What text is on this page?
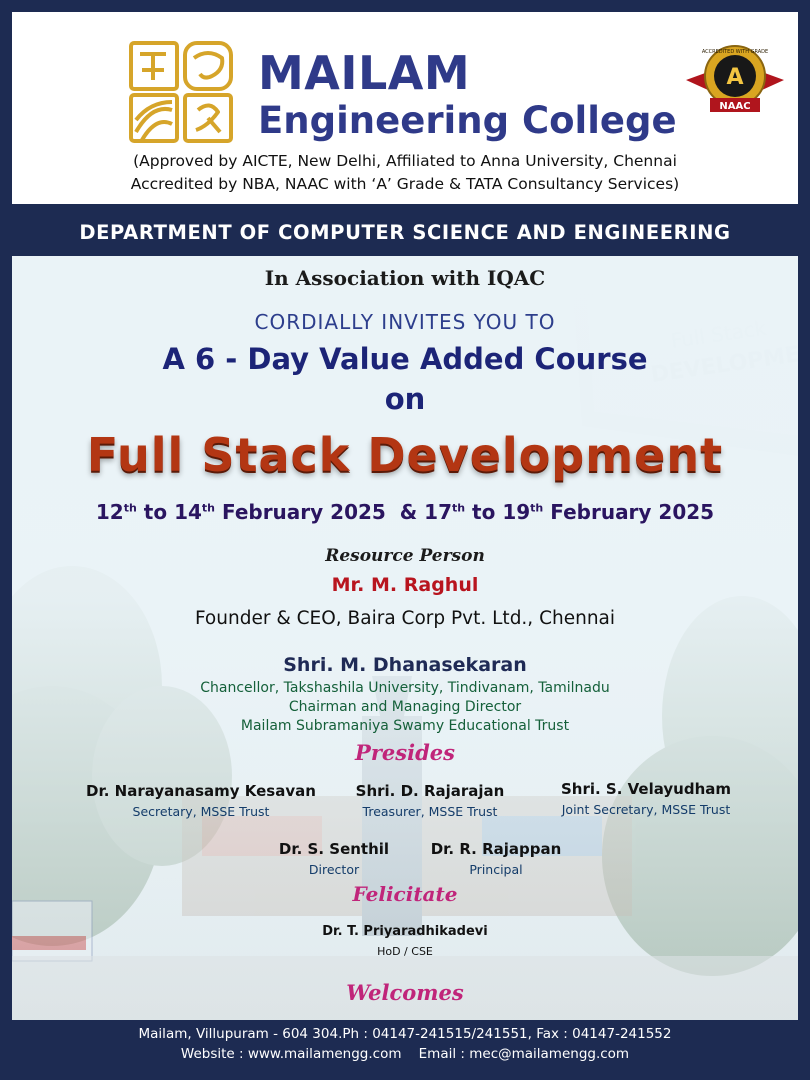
MAILAM
Engineering College
ACCREDITED WITH GRADE
A
NAAC
(Approved by AICTE, New Delhi, Affiliated to Anna University, Chennai
Accredited by NBA, NAAC with ‘A’ Grade & TATA Consultancy Services)
DEPARTMENT OF COMPUTER SCIENCE AND ENGINEERING
In Association with IQAC
CORDIALLY INVITES YOU TO
A 6 - Day Value Added Course
on
Full Stack Development
12th to 14th February 2025  & 17th to 19th February 2025
Resource Person
Mr. M. Raghul
Founder & CEO, Baira Corp Pvt. Ltd., Chennai
Shri. M. Dhanasekaran
Chancellor, Takshashila University, Tindivanam, Tamilnadu
Chairman and Managing Director
Mailam Subramaniya Swamy Educational Trust
Presides
Dr. Narayanasamy Kesavan
Secretary, MSSE Trust
Shri. D. Rajarajan
Treasurer, MSSE Trust
Shri. S. Velayudham
Joint Secretary, MSSE Trust
Dr. S. Senthil
Director
Dr. R. Rajappan
Principal
Felicitate
Dr. T. Priyaradhikadevi
HoD / CSE
Welcomes
Mailam, Villupuram - 604 304.Ph : 04147-241515/241551, Fax : 04147-241552
Website : www.mailamengg.com    Email : mec@mailamengg.com
